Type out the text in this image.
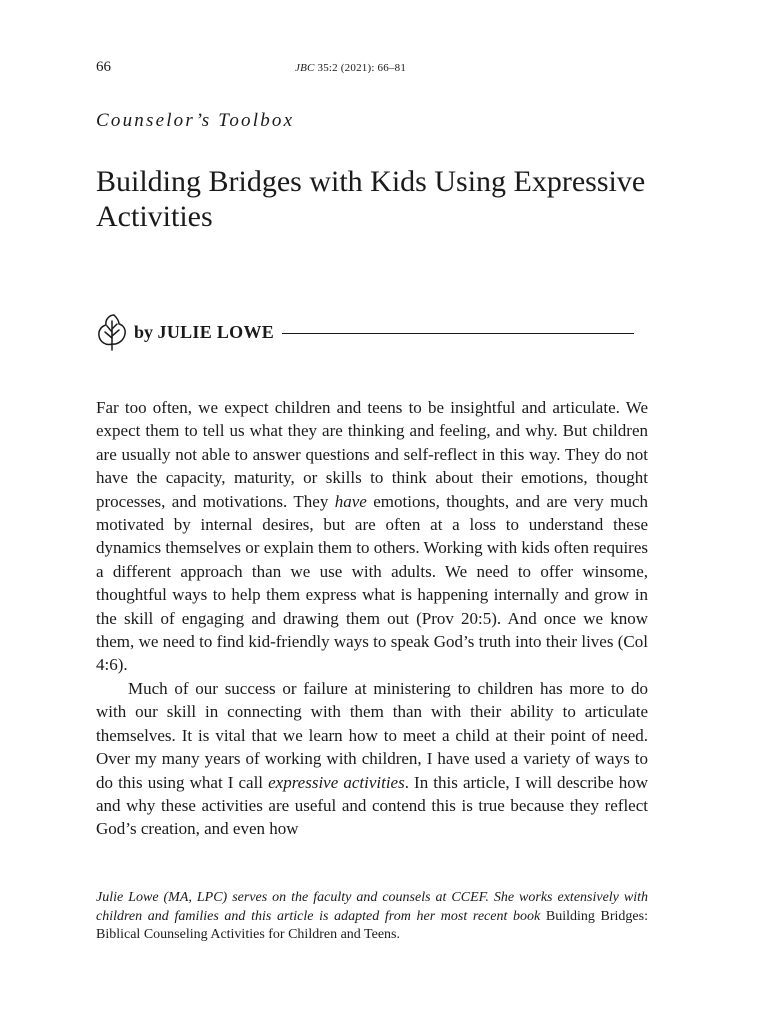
66	JBC 35:2 (2021): 66–81
Counselor’s Toolbox
Building Bridges with Kids Using Expressive Activities
by JULIE LOWE

Far too often, we expect children and teens to be insightful and articulate. We expect them to tell us what they are thinking and feeling, and why. But children are usually not able to answer questions and self-reflect in this way. They do not have the capacity, maturity, or skills to think about their emotions, thought processes, and motivations. They have emotions, thoughts, and are very much motivated by internal desires, but are often at a loss to understand these dynamics themselves or explain them to others. Working with kids often requires a different approach than we use with adults. We need to offer winsome, thoughtful ways to help them express what is happening internally and grow in the skill of engaging and drawing them out (Prov 20:5). And once we know them, we need to find kid-friendly ways to speak God’s truth into their lives (Col 4:6).

Much of our success or failure at ministering to children has more to do with our skill in connecting with them than with their ability to articulate themselves. It is vital that we learn how to meet a child at their point of need. Over my many years of working with children, I have used a variety of ways to do this using what I call expressive activities. In this article, I will describe how and why these activities are useful and contend this is true because they reflect God’s creation, and even how

Julie Lowe (MA, LPC) serves on the faculty and counsels at CCEF. She works extensively with children and families and this article is adapted from her most recent book Building Bridges: Biblical Counseling Activities for Children and Teens.
